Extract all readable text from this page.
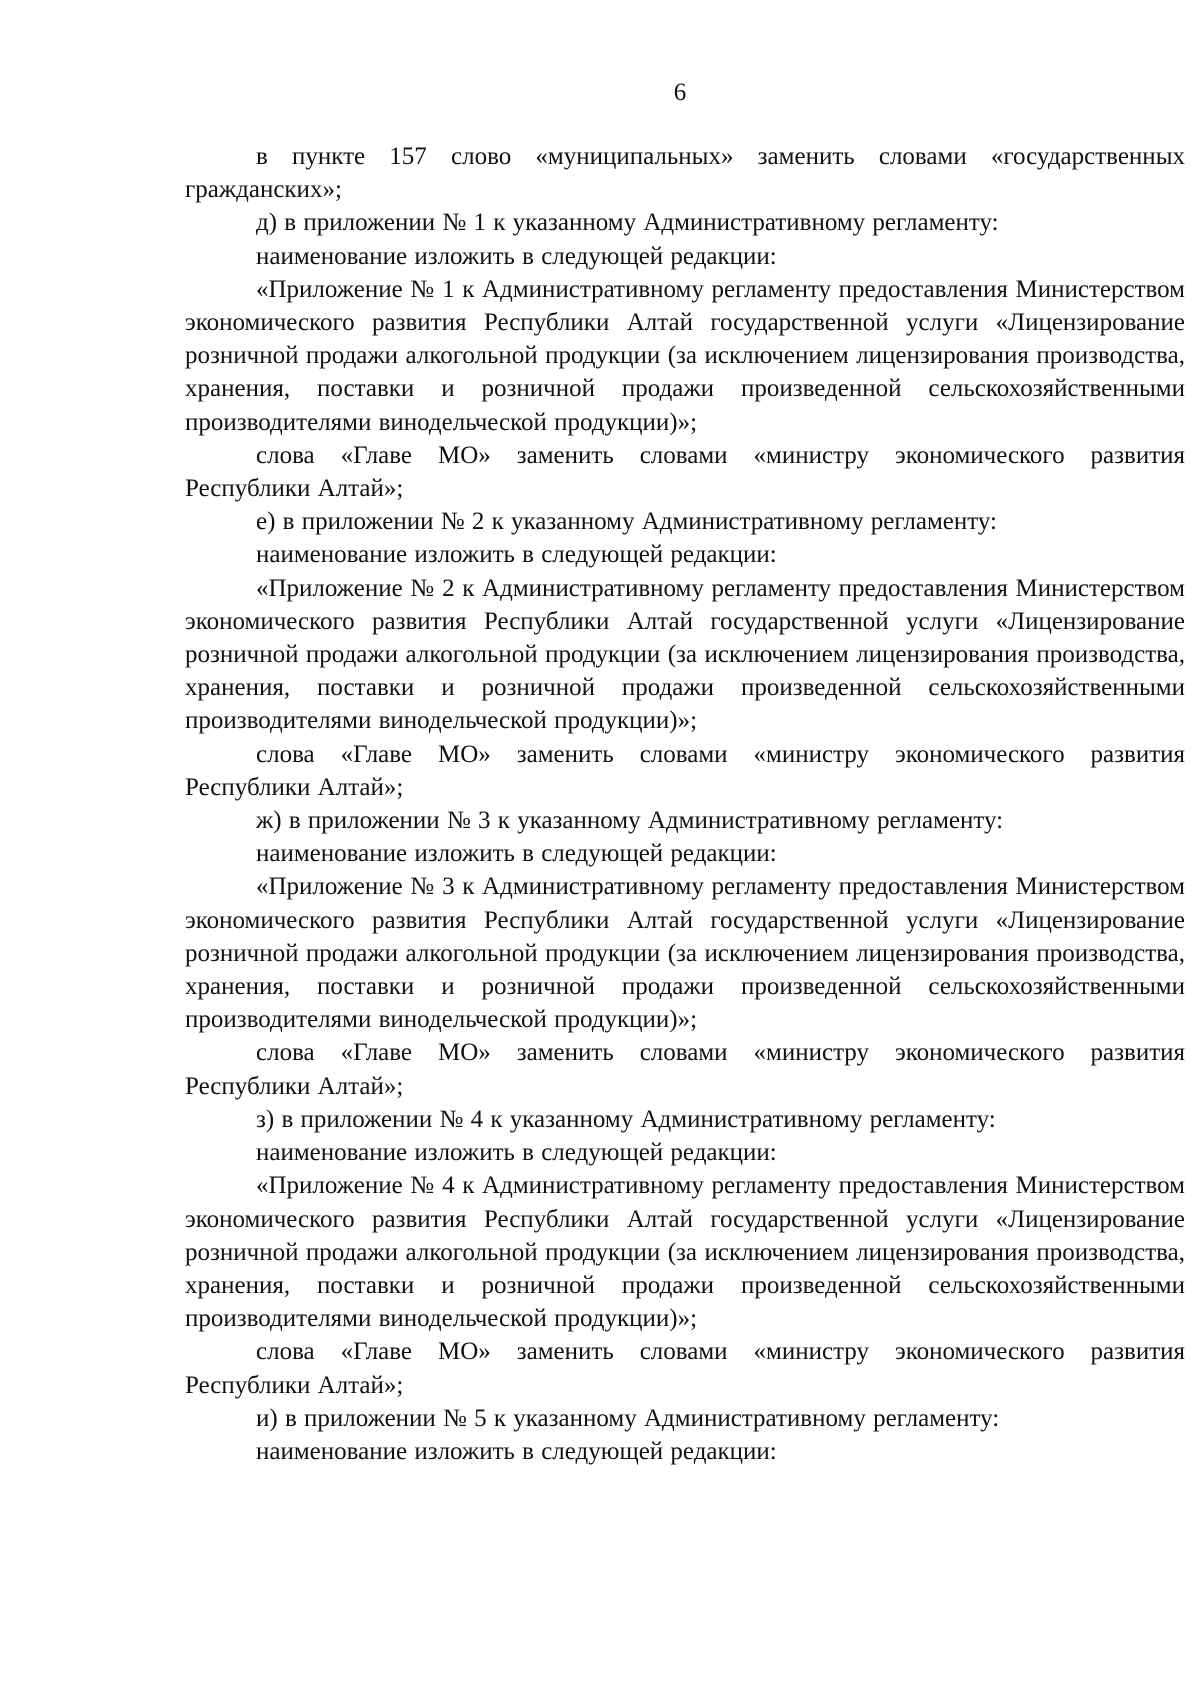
6

в пункте 157 слово «муниципальных» заменить словами «государственных гражданских»;

д) в приложении № 1 к указанному Административному регламенту:

наименование изложить в следующей редакции:

«Приложение № 1 к Административному регламенту предоставления Министерством экономического развития Республики Алтай государственной услуги «Лицензирование розничной продажи алкогольной продукции (за исключением лицензирования производства, хранения, поставки и розничной продажи произведенной сельскохозяйственными производителями винодельческой продукции)»;

слова «Главе МО» заменить словами «министру экономического развития Республики Алтай»;

е) в приложении № 2 к указанному Административному регламенту:

наименование изложить в следующей редакции:

«Приложение № 2 к Административному регламенту предоставления Министерством экономического развития Республики Алтай государственной услуги «Лицензирование розничной продажи алкогольной продукции (за исключением лицензирования производства, хранения, поставки и розничной продажи произведенной сельскохозяйственными производителями винодельческой продукции)»;

слова «Главе МО» заменить словами «министру экономического развития Республики Алтай»;

ж) в приложении № 3 к указанному Административному регламенту:

наименование изложить в следующей редакции:

«Приложение № 3 к Административному регламенту предоставления Министерством экономического развития Республики Алтай государственной услуги «Лицензирование розничной продажи алкогольной продукции (за исключением лицензирования производства, хранения, поставки и розничной продажи произведенной сельскохозяйственными производителями винодельческой продукции)»;

слова «Главе МО» заменить словами «министру экономического развития Республики Алтай»;

з) в приложении № 4 к указанному Административному регламенту:

наименование изложить в следующей редакции:

«Приложение № 4 к Административному регламенту предоставления Министерством экономического развития Республики Алтай государственной услуги «Лицензирование розничной продажи алкогольной продукции (за исключением лицензирования производства, хранения, поставки и розничной продажи произведенной сельскохозяйственными производителями винодельческой продукции)»;

слова «Главе МО» заменить словами «министру экономического развития Республики Алтай»;

и) в приложении № 5 к указанному Административному регламенту:

наименование изложить в следующей редакции:
